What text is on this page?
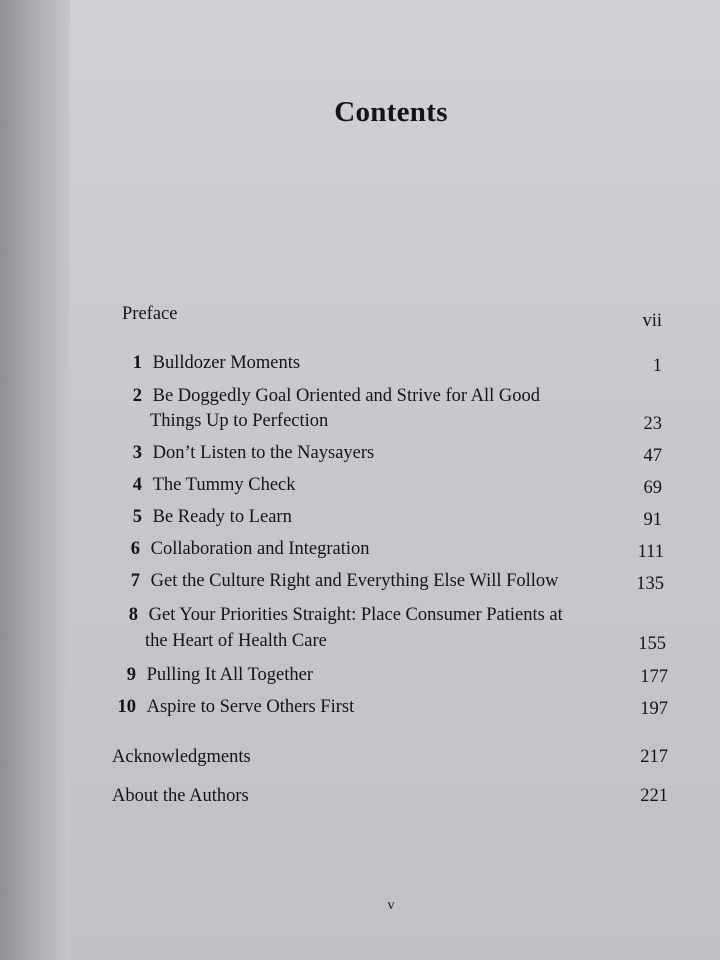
Contents
Preface	vii
1 Bulldozer Moments	1
2 Be Doggedly Goal Oriented and Strive for All Good
Things Up to Perfection	23
3 Don’t Listen to the Naysayers	47
4 The Tummy Check	69
5 Be Ready to Learn	91
6 Collaboration and Integration	111
7 Get the Culture Right and Everything Else Will Follow	135
8 Get Your Priorities Straight: Place Consumer Patients at
the Heart of Health Care	155
9 Pulling It All Together	177
10 Aspire to Serve Others First	197
Acknowledgments	217
About the Authors	221
v
